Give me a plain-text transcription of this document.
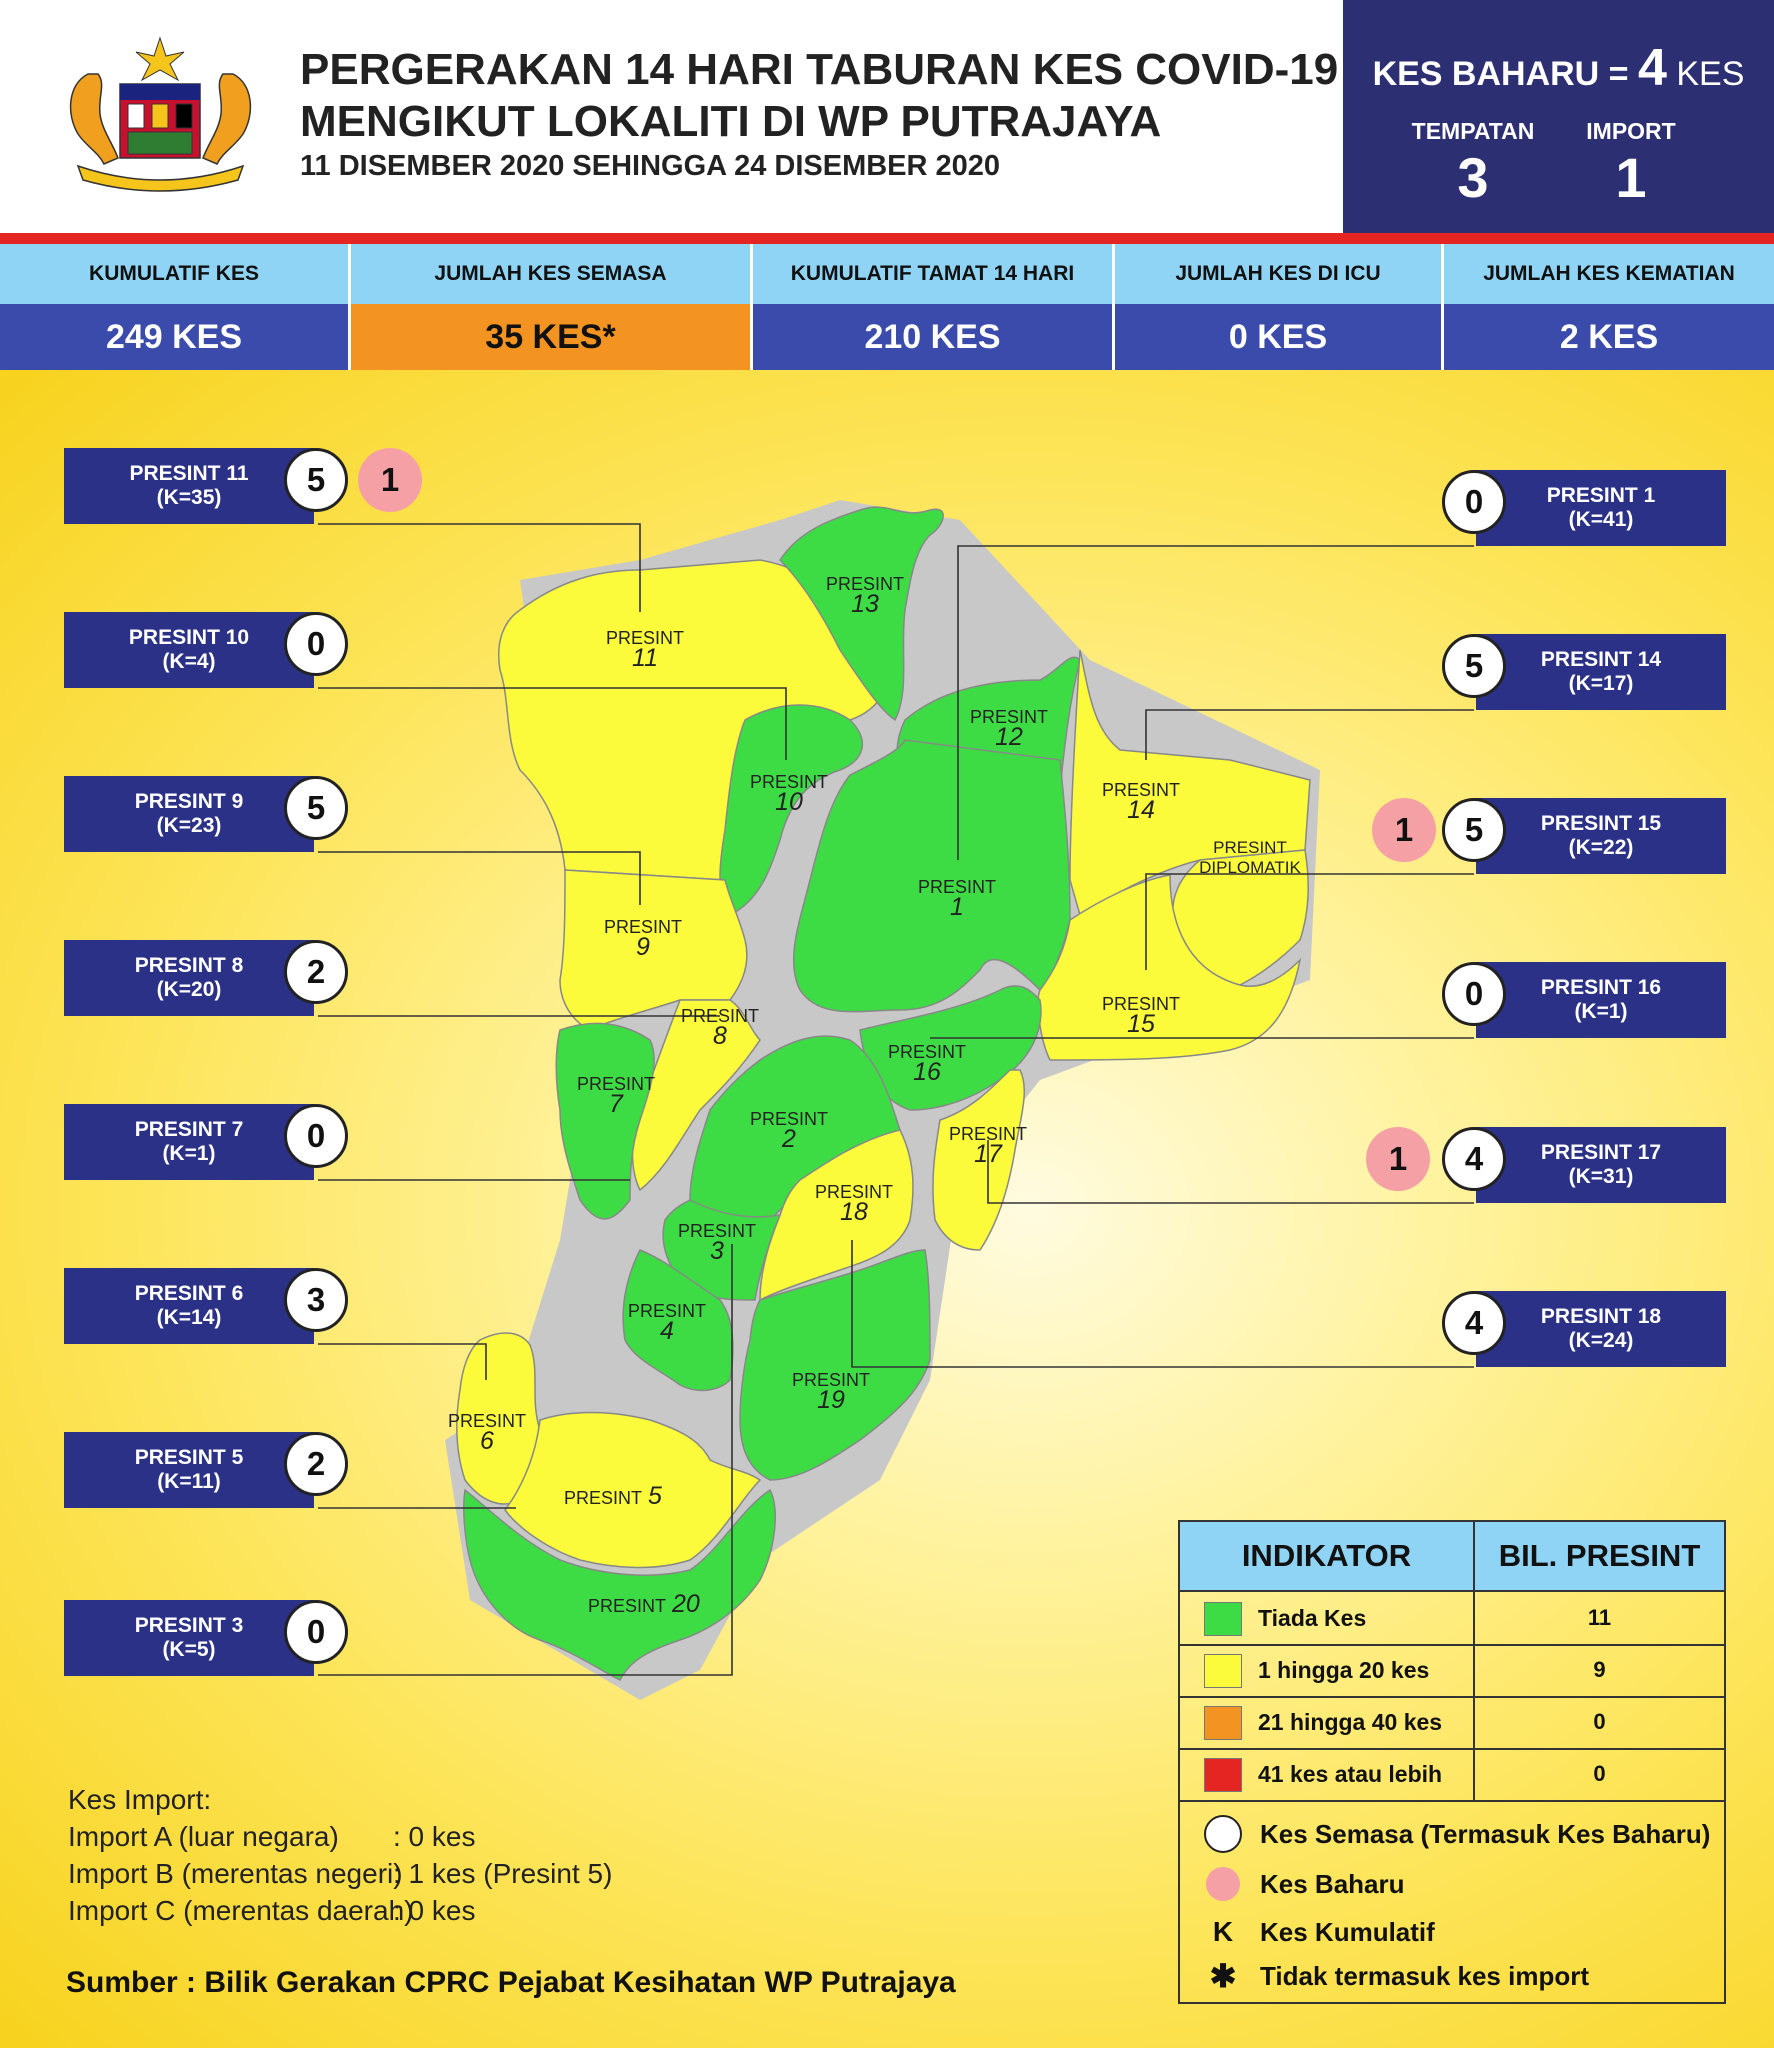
PERGERAKAN 14 HARI TABURAN KES COVID-19
MENGIKUT LOKALITI DI WP PUTRAJAYA
11 DISEMBER 2020 SEHINGGA 24 DISEMBER 2020
KES BAHARU = 4 KES
TEMPATAN
3
IMPORT
1
KUMULATIF KES
249 KES
JUMLAH KES SEMASA
35 KES*
KUMULATIF TAMAT 14 HARI
210 KES
JUMLAH KES DI ICU
0 KES
JUMLAH KES KEMATIAN
2 KES
PRESINT
11
PRESINT
13
PRESINT
12
PRESINT
10	PRESINT
14
PRESINT
DIPLOMATIK
PRESINT
1
PRESINT
9
PRESINT
8
PRESINT
15
PRESINT
16
PRESINT
7
PRESINT
2	PRESINT
17
PRESINT
18
PRESINT
3
PRESINT
4
PRESINT
19
PRESINT
6
PRESINT 5
PRESINT 20
PRESINT 11
(K=35)	5	1
PRESINT 10
(K=4)	0
PRESINT 9
(K=23)	5
PRESINT 8
(K=20)	2
PRESINT 7
(K=1)	0
PRESINT 6
(K=14)	3
PRESINT 5
(K=11)	2
PRESINT 3
(K=5)	0
PRESINT 1
(K=41)
0
PRESINT 14
(K=17)
5
PRESINT 15
(K=22)
5
1
PRESINT 16
(K=1)
0
PRESINT 17
(K=31)
4
1
PRESINT 18
(K=24)
4
Kes Import:
Import A (luar negara) : 0 kes
Import B (merentas negeri)
: 1 kes (Presint 5)
Import C (merentas daerah)
: 0 kes
Sumber : Bilik Gerakan CPRC Pejabat Kesihatan WP Putrajaya
INDIKATOR	BIL. PRESINT
Tiada Kes	11
1 hingga 20 kes	9
21 hingga 40 kes	0
41 kes atau lebih	0
Kes Semasa (Termasuk Kes Baharu)
Kes Baharu
K	Kes Kumulatif
✱ Tidak termasuk kes import
